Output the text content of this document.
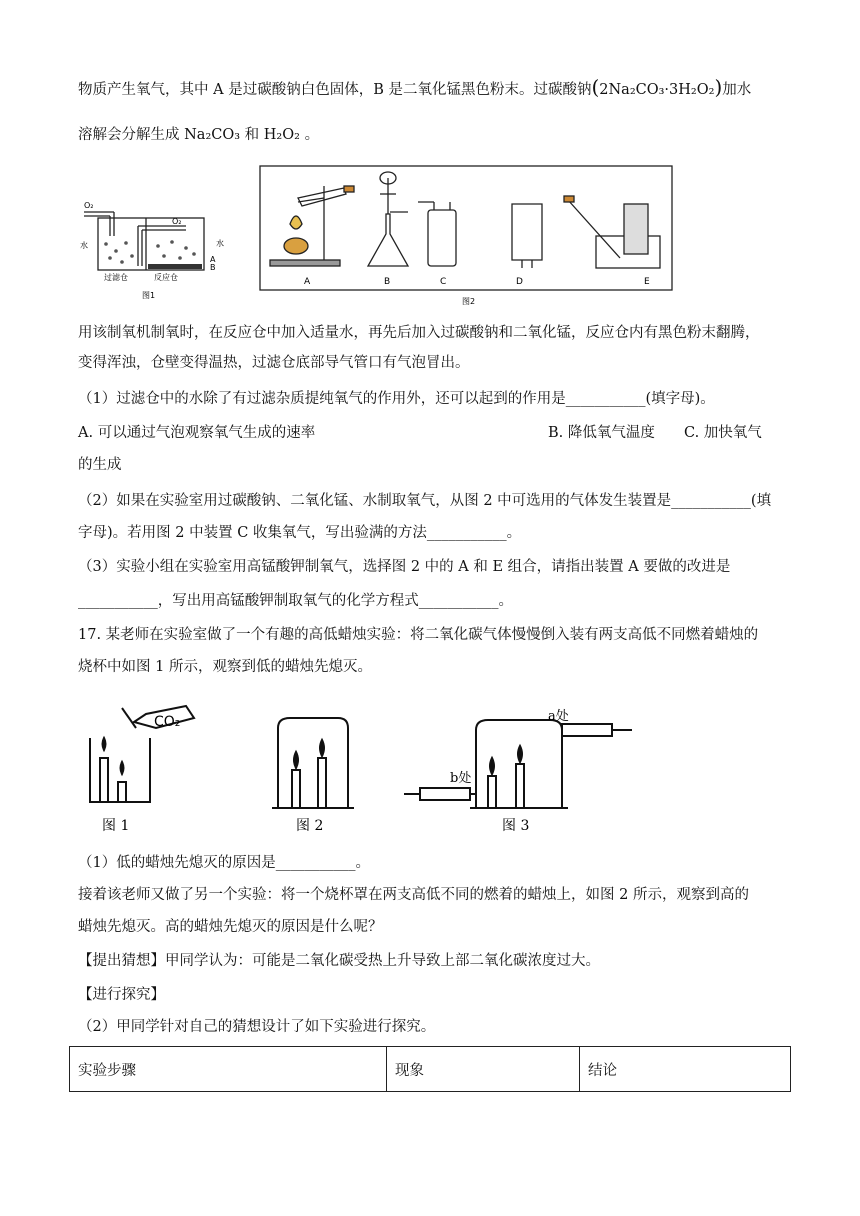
物质产生氧气，其中 A 是过碳酸钠白色固体，B 是二氧化锰黑色粉末。过碳酸钠(2Na₂CO₃·3H₂O₂)加水
溶解会分解生成 Na₂CO₃ 和 H₂O₂ 。
O₂
O₂
水	水
A
B
过滤仓	反应仓
图1
A	B	C	D	E
图2
用该制氧机制氧时，在反应仓中加入适量水，再先后加入过碳酸钠和二氧化锰，反应仓内有黑色粉末翻腾，
变得浑浊，仓壁变得温热，过滤仓底部导气管口有气泡冒出。
（1）过滤仓中的水除了有过滤杂质提纯氧气的作用外，还可以起到的作用是___________(填字母)。
A. 可以通过气泡观察氧气生成的速率	B. 降低氧气温度 C. 加快氧气
的生成
（2）如果在实验室用过碳酸钠、二氧化锰、水制取氧气，从图 2 中可选用的气体发生装置是___________(填
字母)。若用图 2 中装置 C 收集氧气，写出验满的方法___________。
（3）实验小组在实验室用高锰酸钾制氧气，选择图 2 中的 A 和 E 组合，请指出装置 A 要做的改进是
___________，写出用高锰酸钾制取氧气的化学方程式___________。
17. 某老师在实验室做了一个有趣的高低蜡烛实验：将二氧化碳气体慢慢倒入装有两支高低不同燃着蜡烛的
烧杯中如图 1 所示，观察到低的蜡烛先熄灭。
CO₂
图 1	图 2	图 3
a处
b处
（1）低的蜡烛先熄灭的原因是___________。
接着该老师又做了另一个实验：将一个烧杯罩在两支高低不同的燃着的蜡烛上，如图 2 所示，观察到高的
蜡烛先熄灭。高的蜡烛先熄灭的原因是什么呢？
【提出猜想】甲同学认为：可能是二氧化碳受热上升导致上部二氧化碳浓度过大。
【进行探究】
（2）甲同学针对自己的猜想设计了如下实验进行探究。
实验步骤	现象	结论
